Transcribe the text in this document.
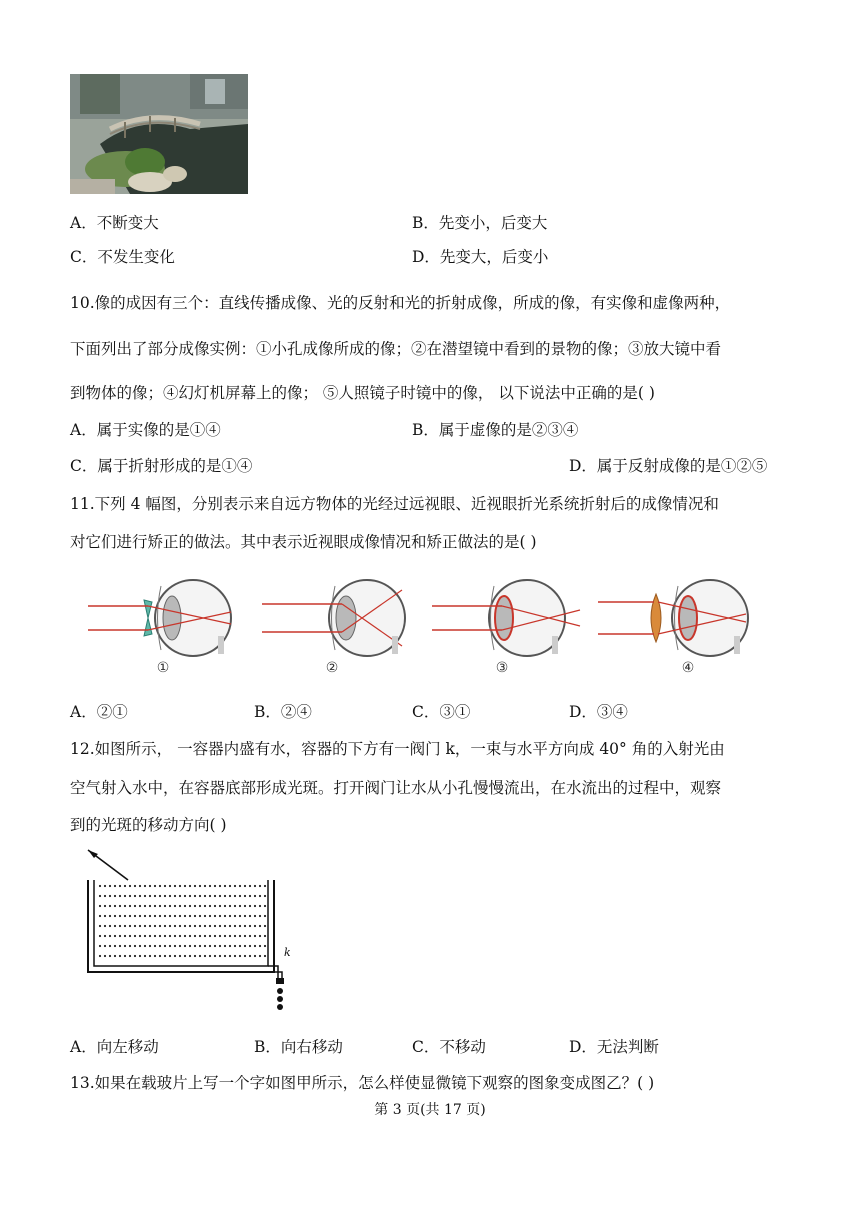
A．不断变大	B．先变小，后变大
C．不发生变化	D．先变大，后变小
10.像的成因有三个：直线传播成像、光的反射和光的折射成像，所成的像，有实像和虚像两种，
下面列出了部分成像实例：①小孔成像所成的像；②在潜望镜中看到的景物的像；③放大镜中看
到物体的像；④幻灯机屏幕上的像； ⑤人照镜子时镜中的像， 以下说法中正确的是( )
A．属于实像的是①④	B．属于虚像的是②③④
C．属于折射形成的是①④	D．属于反射成像的是①②⑤
11.下列 4 幅图，分别表示来自远方物体的光经过远视眼、近视眼折光系统折射后的成像情况和
对它们进行矫正的做法。其中表示近视眼成像情况和矫正做法的是( )
①	②	③	④
A．②①	B．②④	C．③①	D．③④
12.如图所示， 一容器内盛有水，容器的下方有一阀门 k，一束与水平方向成 40° 角的入射光由
空气射入水中，在容器底部形成光斑。打开阀门让水从小孔慢慢流出，在水流出的过程中，观察
到的光斑的移动方向( )
k
A．向左移动	B．向右移动	C．不移动	D．无法判断
13.如果在载玻片上写一个字如图甲所示，怎么样使显微镜下观察的图象变成图乙？( )
第 3 页(共 17 页)
